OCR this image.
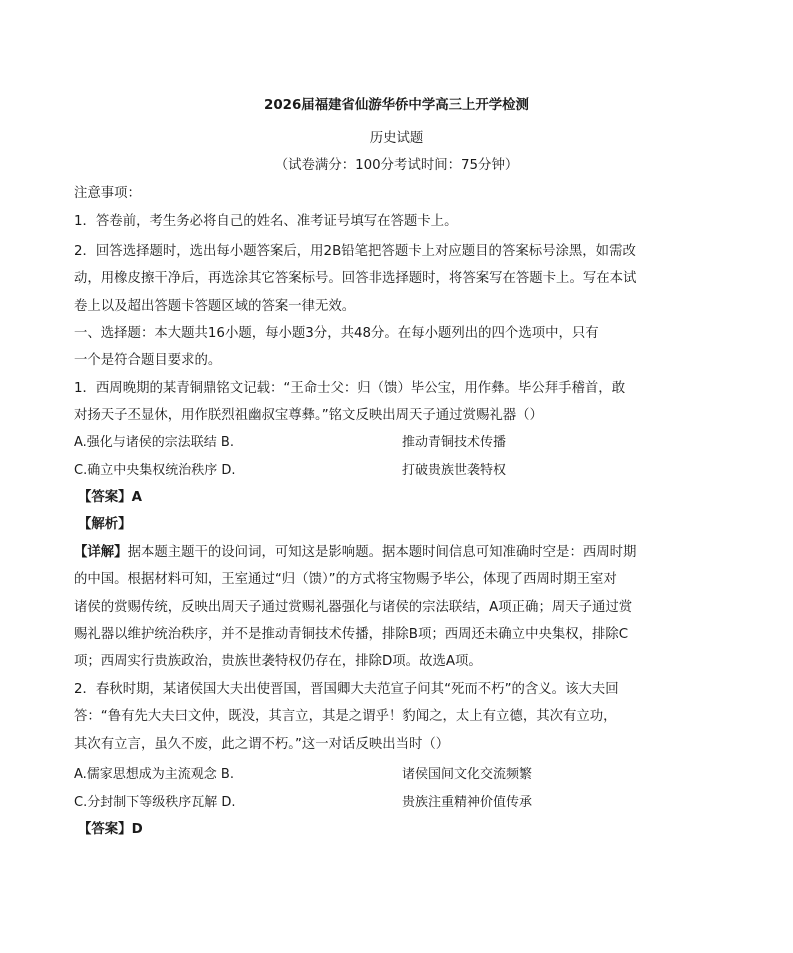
2026届福建省仙游华侨中学高三上开学检测
历史试题
（试卷满分：100分考试时间：75分钟）
注意事项：
1．答卷前，考生务必将自己的姓名、准考证号填写在答题卡上。
2．回答选择题时，选出每小题答案后，用2B铅笔把答题卡上对应题目的答案标号涂黑，如需改
动，用橡皮擦干净后，再选涂其它答案标号。回答非选择题时，将答案写在答题卡上。写在本试
卷上以及超出答题卡答题区域的答案一律无效。
一、选择题：本大题共16小题，每小题3分，共48分。在每小题列出的四个选项中，只有
一个是符合题目要求的。
1．西周晚期的某青铜鼎铭文记载：“王命士父：归（馈）毕公宝，用作彝。毕公拜手稽首，敢
对扬天子丕显休，用作朕烈祖幽叔宝尊彝。”铭文反映出周天子通过赏赐礼器（）
A.强化与诸侯的宗法联结 B.	推动青铜技术传播
C.确立中央集权统治秩序 D.	打破贵族世袭特权
【答案】A
【解析】
【详解】据本题主题干的设问词，可知这是影响题。据本题时间信息可知准确时空是：西周时期
的中国。根据材料可知，王室通过“归（馈）”的方式将宝物赐予毕公，体现了西周时期王室对
诸侯的赏赐传统，反映出周天子通过赏赐礼器强化与诸侯的宗法联结，A项正确；周天子通过赏
赐礼器以维护统治秩序，并不是推动青铜技术传播，排除B项；西周还未确立中央集权，排除C
项；西周实行贵族政治，贵族世袭特权仍存在，排除D项。故选A项。
2．春秋时期，某诸侯国大夫出使晋国，晋国卿大夫范宣子问其“死而不朽”的含义。该大夫回
答：“鲁有先大夫曰文仲，既没，其言立，其是之谓乎！豹闻之，太上有立德，其次有立功，
其次有立言，虽久不废，此之谓不朽。”这一对话反映出当时（）
A.儒家思想成为主流观念 B.	诸侯国间文化交流频繁
C.分封制下等级秩序瓦解 D.	贵族注重精神价值传承
【答案】D
